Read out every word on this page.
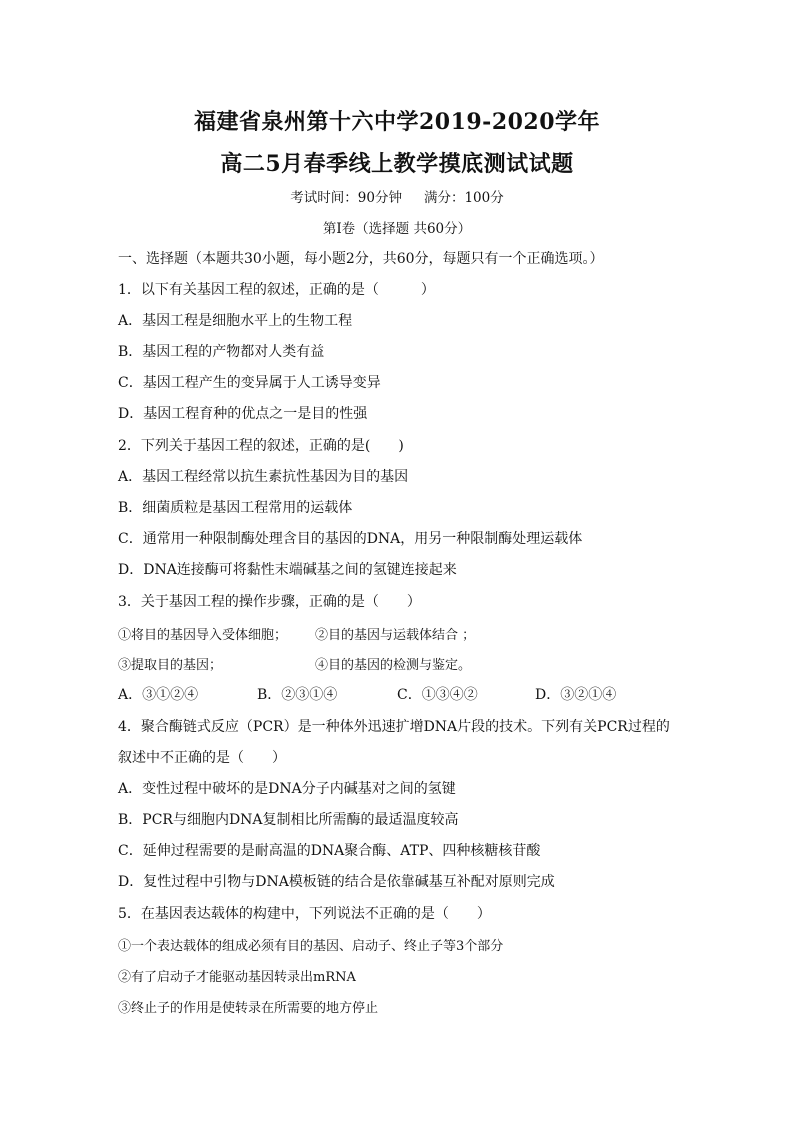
福建省泉州第十六中学2019-2020学年
高二5月春季线上教学摸底测试试题
考试时间：90分钟 满分：100分
第Ⅰ卷（选择题 共60分）
一、选择题（本题共30小题，每小题2分，共60分，每题只有一个正确选项。）
1．以下有关基因工程的叙述，正确的是（　　　）
A．基因工程是细胞水平上的生物工程
B．基因工程的产物都对人类有益
C．基因工程产生的变异属于人工诱导变异
D．基因工程育种的优点之一是目的性强
2．下列关于基因工程的叙述，正确的是(　　)
A．基因工程经常以抗生素抗性基因为目的基因
B．细菌质粒是基因工程常用的运载体
C．通常用一种限制酶处理含目的基因的DNA，用另一种限制酶处理运载体
D．DNA连接酶可将黏性末端碱基之间的氢键连接起来
3．关于基因工程的操作步骤，正确的是（　　）
①将目的基因导入受体细胞； ②目的基因与运载体结合 ；
③提取目的基因；	④目的基因的检测与鉴定。
A．③①②④	B．②③①④	C．①③④②	D．③②①④
4．聚合酶链式反应（PCR）是一种体外迅速扩增DNA片段的技术。下列有关PCR过程的
叙述中不正确的是（　　）
A．变性过程中破坏的是DNA分子内碱基对之间的氢键
B．PCR与细胞内DNA复制相比所需酶的最适温度较高
C．延伸过程需要的是耐高温的DNA聚合酶、ATP、四种核糖核苷酸
D．复性过程中引物与DNA模板链的结合是依靠碱基互补配对原则完成
5．在基因表达载体的构建中，下列说法不正确的是（　　）
①一个表达载体的组成必须有目的基因、启动子、终止子等3个部分
②有了启动子才能驱动基因转录出mRNA
③终止子的作用是使转录在所需要的地方停止
